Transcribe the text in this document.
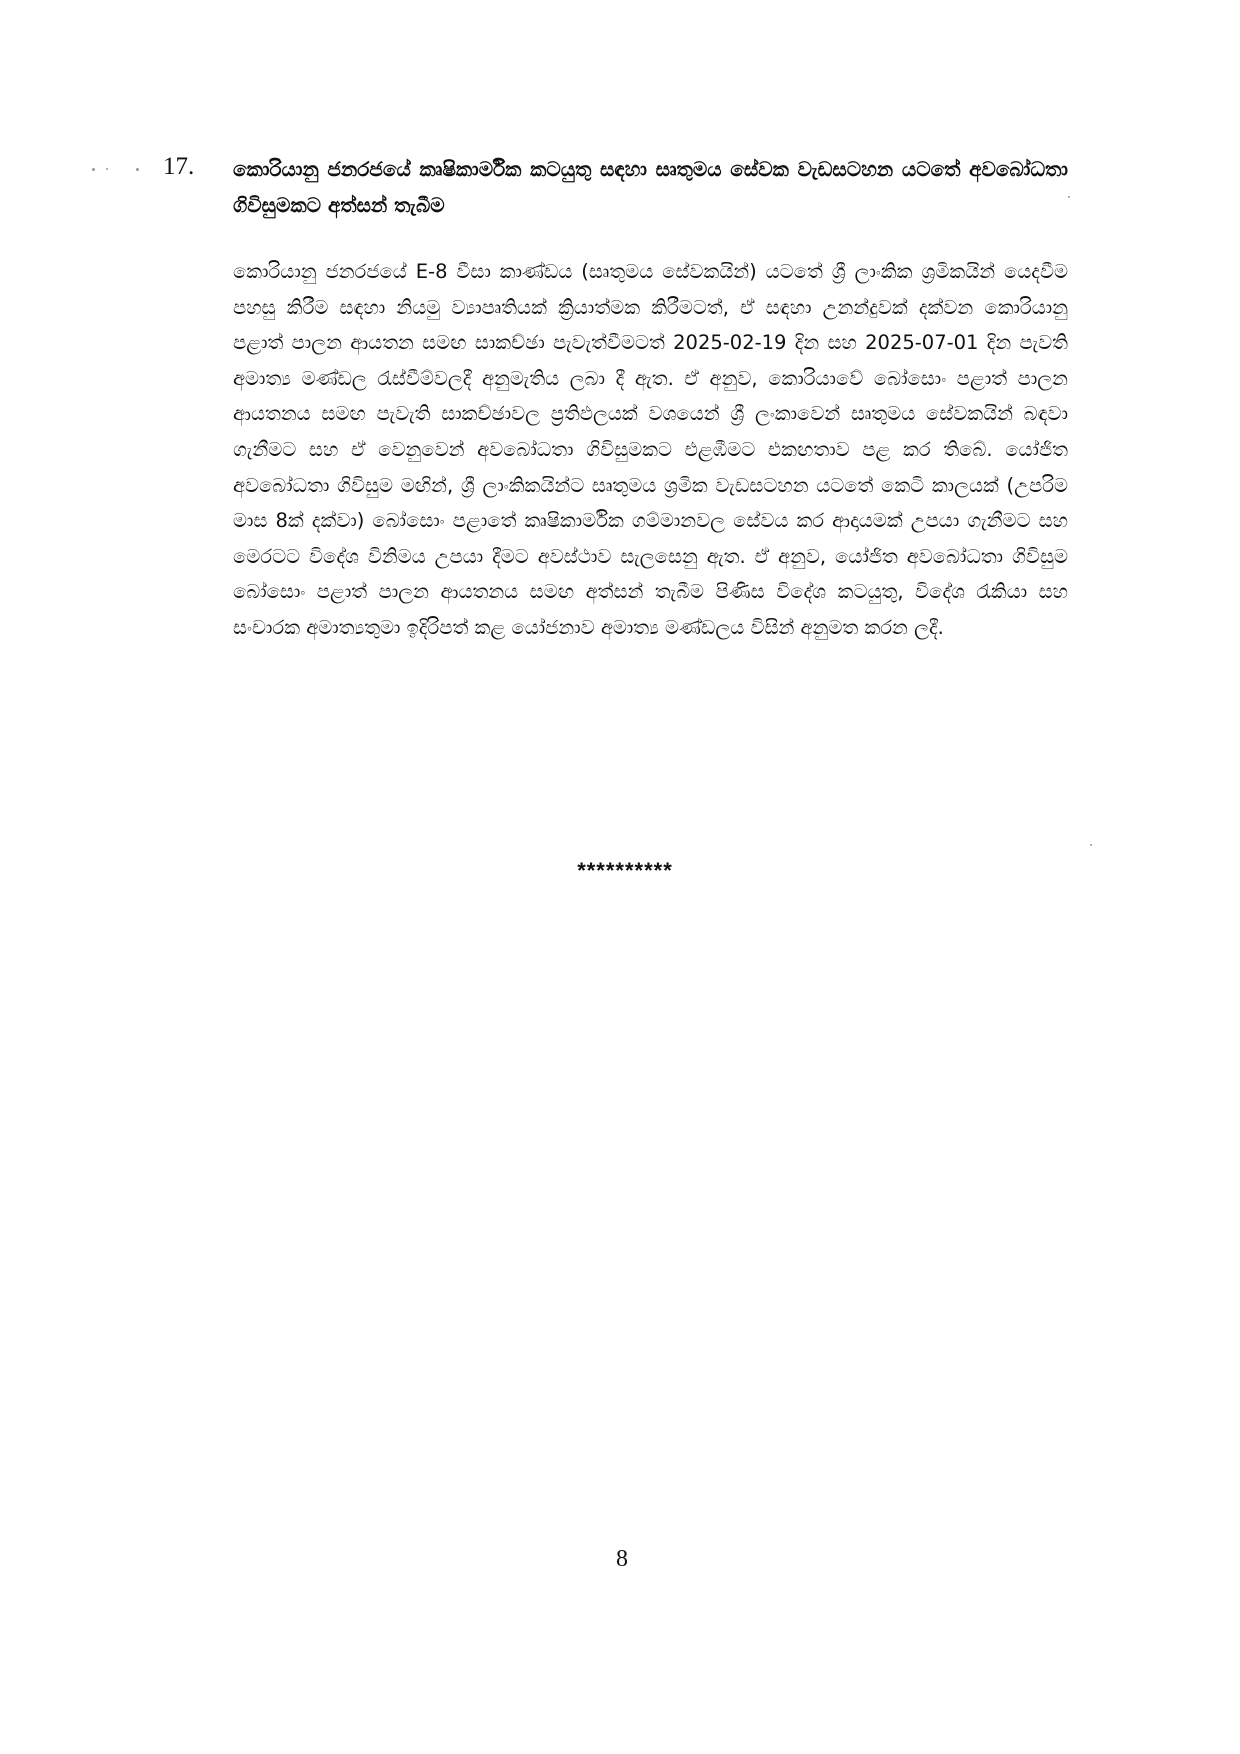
17. කොරියානු ජනරජයේ කෘෂිකාර්මික කටයුතු සඳහා සෘතුමය සේවක වැඩසටහන යටතේ අවබෝධතා ගිවිසුමකට අත්සන් තැබීම
කොරියානු ජනරජයේ E-8 වීසා කාණ්ඩය (සෘතුමය සේවකයින්) යටතේ ශ්‍රී ලාංකික ශ්‍රමිකයින් යෙදවීම පහසු කිරීම සඳහා නියමු ව්‍යාපෘතියක් ක්‍රියාත්මක කිරීමටත්, ඒ සඳහා උනන්දුවක් දක්වන කොරියානු පළාත් පාලන ආයතන සමඟ සාකච්ඡා පැවැත්වීමටත් 2025-02-19 දින සහ 2025-07-01 දින පැවති අමාත්‍ය මණ්ඩල රැස්වීම්වලදී අනුමැතිය ලබා දී ඇත. ඒ අනුව, කොරියාවේ බෝසොං පළාත් පාලන ආයතනය සමඟ පැවැති සාකච්ඡාවල ප්‍රතිඵලයක් වශයෙන් ශ්‍රී ලංකාවෙන් සෘතුමය සේවකයින් බඳවා ගැනීමට සහ ඒ වෙනුවෙන් අවබෝධතා ගිවිසුමකට එළඹීමට එකඟතාව පළ කර තිබේ. යෝජිත අවබෝධතා ගිවිසුම මඟින්, ශ්‍රී ලාංකිකයින්ට සෘතුමය ශ්‍රමික වැඩසටහන යටතේ කෙටි කාලයක් (උපරිම මාස 8ක් දක්වා) බෝසොං පළාතේ කෘෂිකාර්මික ගම්මානවල සේවය කර ආදායමක් උපයා ගැනීමට සහ මෙරටට විදේශ විනිමය උපයා දීමට අවස්ථාව සැලසෙනු ඇත. ඒ අනුව, යෝජිත අවබෝධතා ගිවිසුම බෝසොං පළාත් පාලන ආයතනය සමඟ අත්සන් තැබීම පිණිස විදේශ කටයුතු, විදේශ රැකියා සහ සංචාරක අමාත්‍යතුමා ඉදිරිපත් කළ යෝජනාව අමාත්‍ය මණ්ඩලය විසින් අනුමත කරන ලදී.
**********
8
